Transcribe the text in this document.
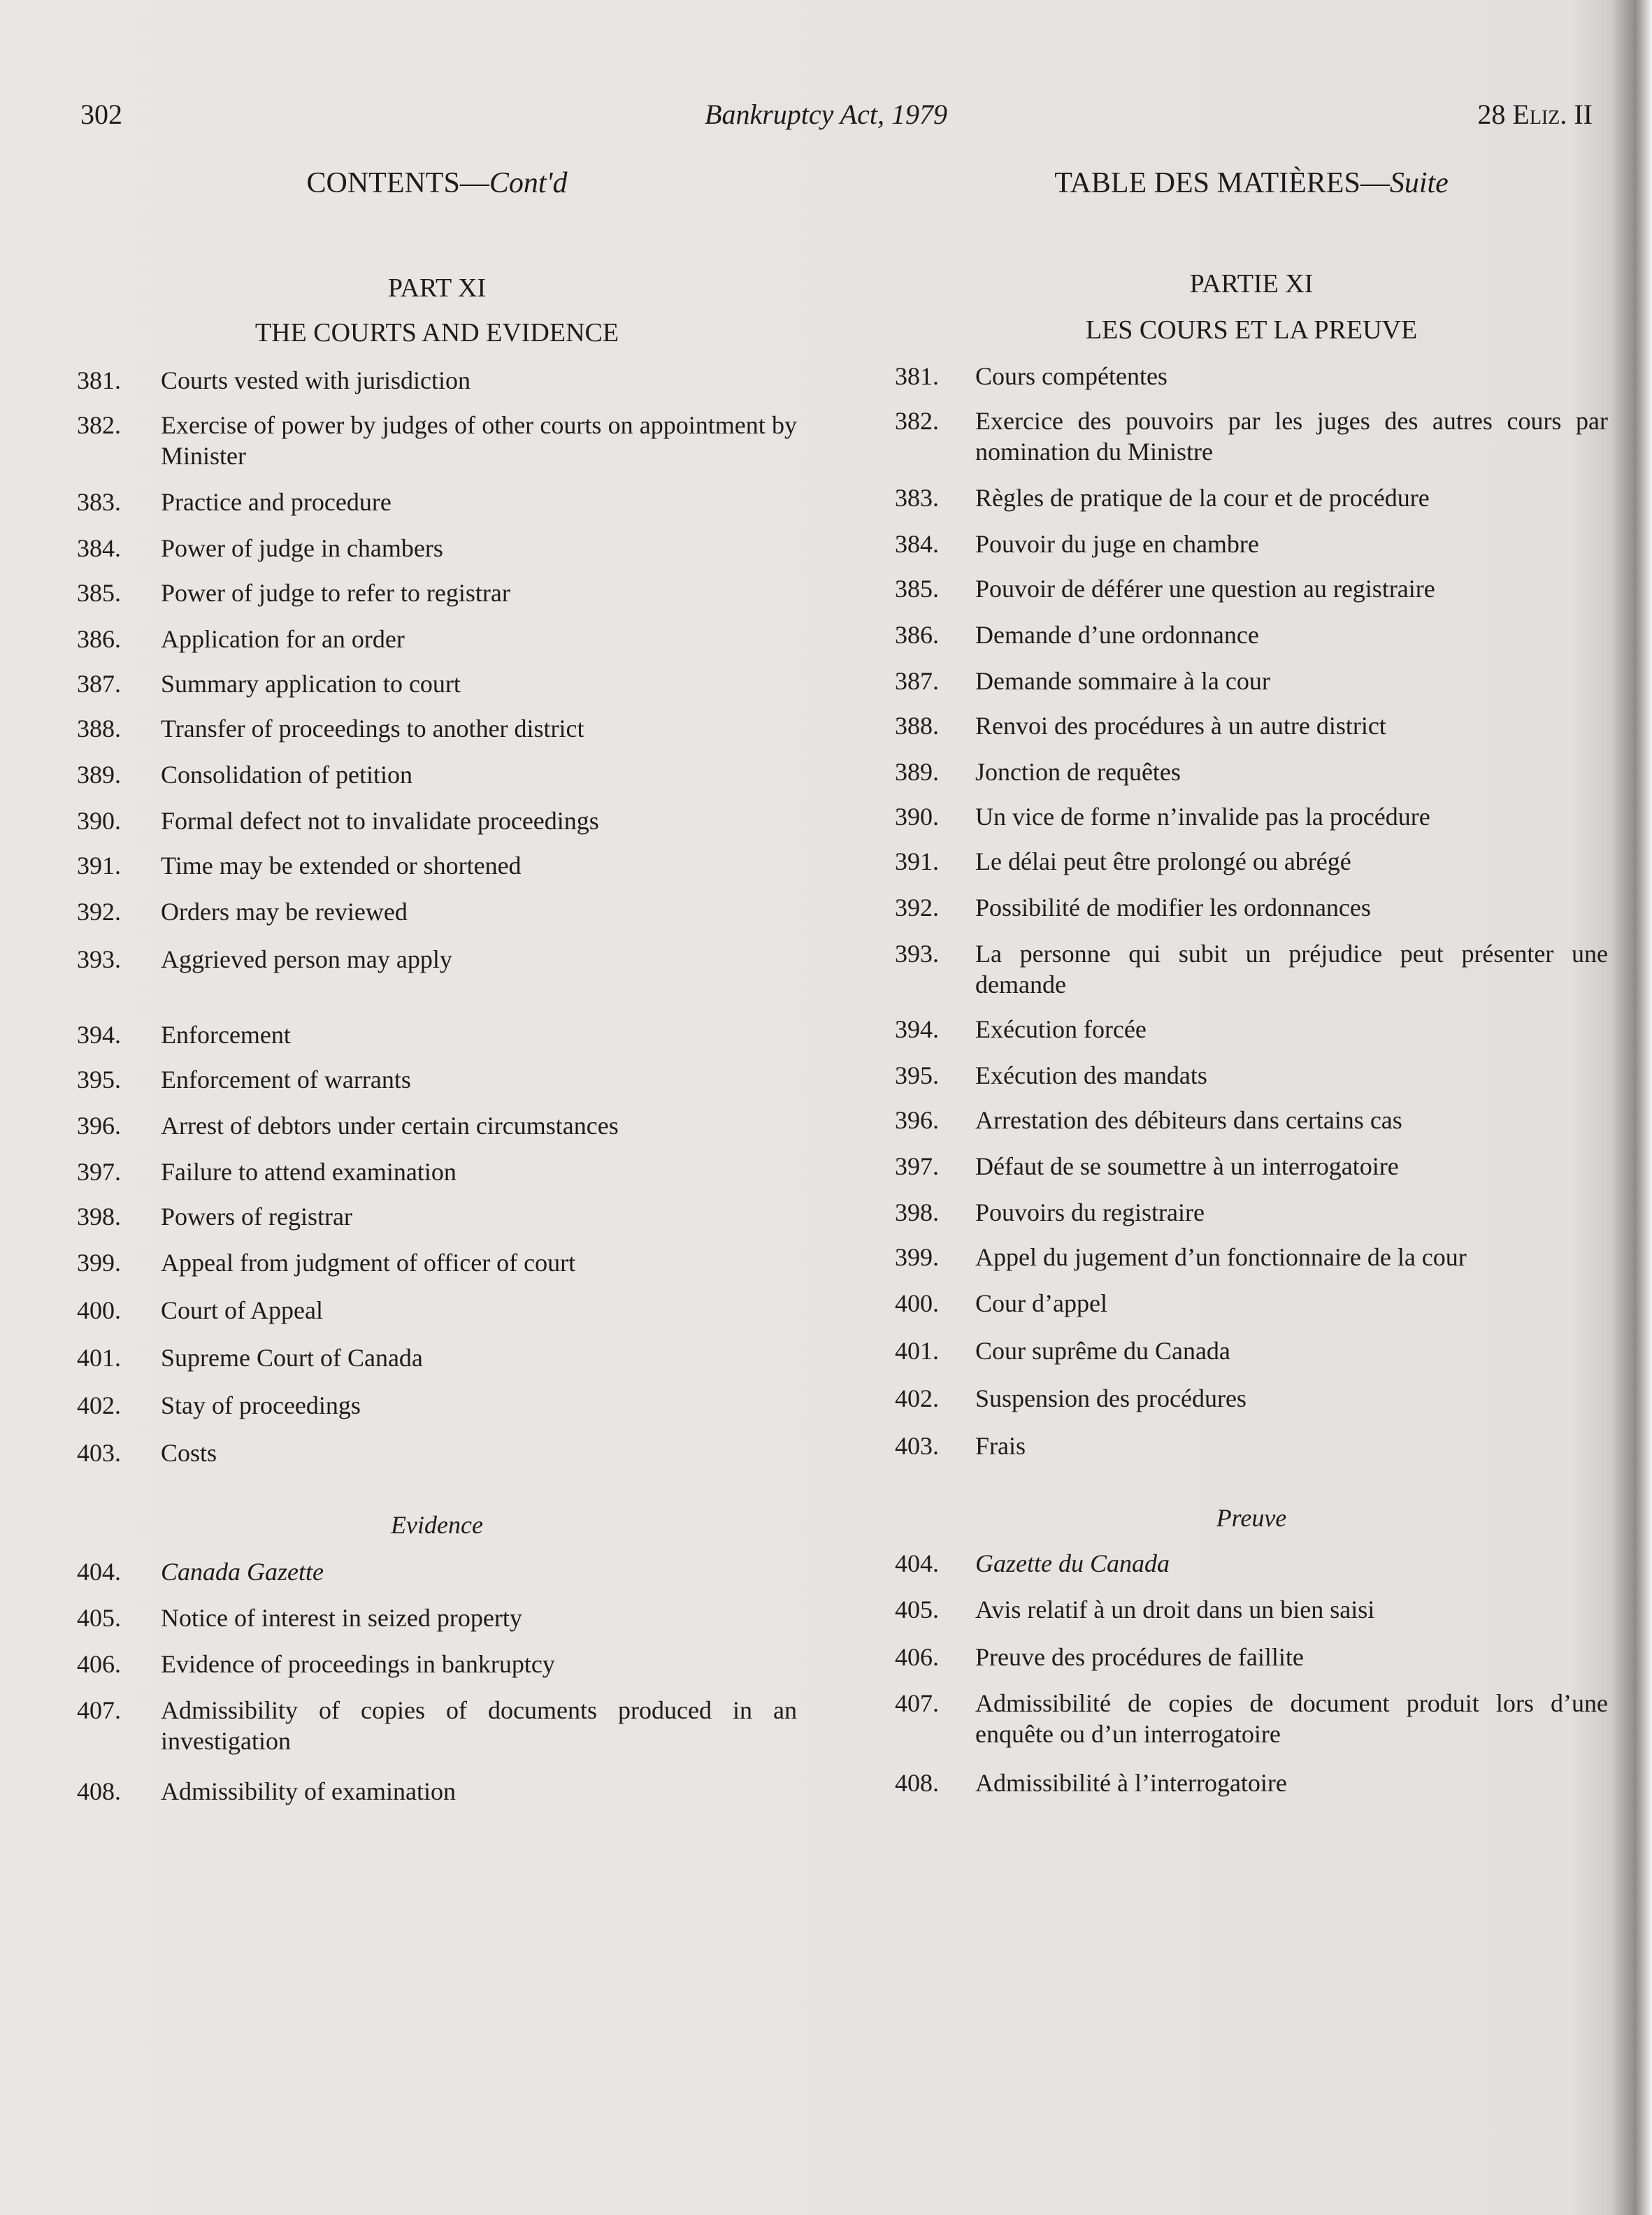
302	Bankruptcy Act, 1979	28 Eliz. II
CONTENTS—Cont'd
PART XI
THE COURTS AND EVIDENCE
Evidence
381.	Courts vested with jurisdiction
382.	Exercise of power by judges of other courts on appointment by Minister
383.	Practice and procedure
384.	Power of judge in chambers
385.	Power of judge to refer to registrar
386.	Application for an order
387.	Summary application to court
388.	Transfer of proceedings to another district
389.	Consolidation of petition
390.	Formal defect not to invalidate proceedings
391.	Time may be extended or shortened
392.	Orders may be reviewed
393.	Aggrieved person may apply
394.	Enforcement
395.	Enforcement of warrants
396.	Arrest of debtors under certain circumstances
397.	Failure to attend examination
398.	Powers of registrar
399.	Appeal from judgment of officer of court
400.	Court of Appeal
401.	Supreme Court of Canada
402.	Stay of proceedings
403.	Costs
404.	Canada Gazette
405.	Notice of interest in seized property
406.	Evidence of proceedings in bankruptcy
407.	Admissibility of copies of documents produced in an investigation
408.	Admissibility of examination
TABLE DES MATIÈRES—Suite
PARTIE XI
LES COURS ET LA PREUVE
Preuve
381.	Cours compétentes
382.	Exercice des pouvoirs par les juges des autres cours par nomination du Ministre
383.	Règles de pratique de la cour et de procédure
384.	Pouvoir du juge en chambre
385.	Pouvoir de déférer une question au registraire
386.	Demande d’une ordonnance
387.	Demande sommaire à la cour
388.	Renvoi des procédures à un autre district
389.	Jonction de requêtes
390.	Un vice de forme n’invalide pas la procédure
391.	Le délai peut être prolongé ou abrégé
392.	Possibilité de modifier les ordonnances
393.	La personne qui subit un préjudice peut présenter une demande
394.	Exécution forcée
395.	Exécution des mandats
396.	Arrestation des débiteurs dans certains cas
397.	Défaut de se soumettre à un interrogatoire
398.	Pouvoirs du registraire
399.	Appel du jugement d’un fonctionnaire de la cour
400.	Cour d’appel
401.	Cour suprême du Canada
402.	Suspension des procédures
403.	Frais
404.	Gazette du Canada
405.	Avis relatif à un droit dans un bien saisi
406.	Preuve des procédures de faillite
407.	Admissibilité de copies de document produit lors d’une enquête ou d’un interrogatoire
408.	Admissibilité à l’interrogatoire
